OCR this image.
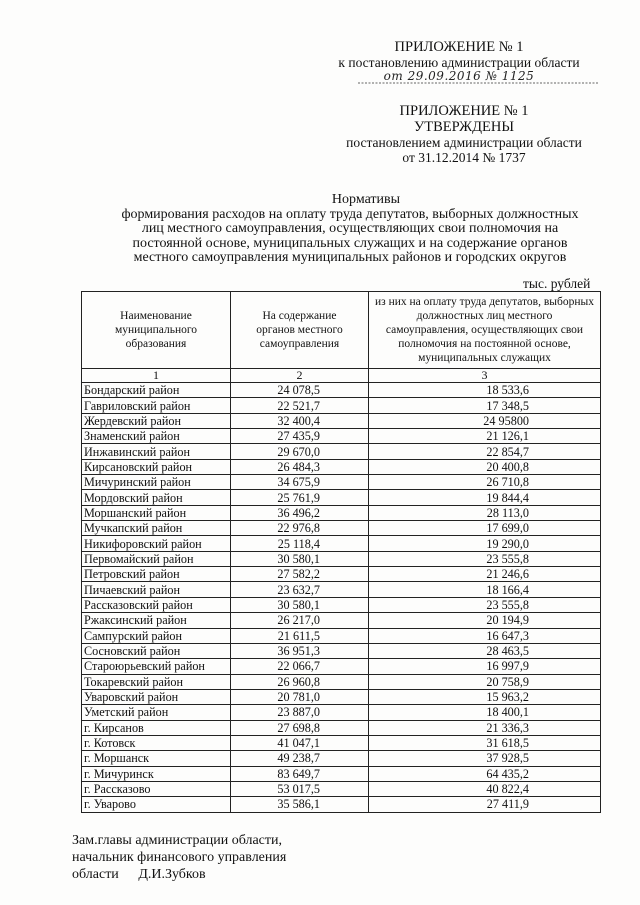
ПРИЛОЖЕНИЕ № 1
к постановлению администрации области
от 29.09.2016 № 1125
ПРИЛОЖЕНИЕ № 1
УТВЕРЖДЕНЫ
постановлением администрации области
от 31.12.2014 № 1737
Нормативы
формирования расходов на оплату труда депутатов, выборных должностных
лиц местного самоуправления, осуществляющих свои полномочия на
постоянной основе, муниципальных служащих и на содержание органов
местного самоуправления муниципальных районов и городских округов
тыс. рублей
Наименование муниципального образования	На содержание органов местного самоуправления	из них на оплату труда депутатов, выборных должностных лиц местного самоуправления, осуществляющих свои полномочия на постоянной основе, муниципальных служащих
1	2	3
Бондарский район	24 078,5	18 533,6
Гавриловский район	22 521,7	17 348,5
Жердевский район	32 400,4	24 95800
Знаменский район	27 435,9	21 126,1
Инжавинский район	29 670,0	22 854,7
Кирсановский район	26 484,3	20 400,8
Мичуринский район	34 675,9	26 710,8
Мордовский район	25 761,9	19 844,4
Моршанский район	36 496,2	28 113,0
Мучкапский район	22 976,8	17 699,0
Никифоровский район	25 118,4	19 290,0
Первомайский район	30 580,1	23 555,8
Петровский район	27 582,2	21 246,6
Пичаевский район	23 632,7	18 166,4
Рассказовский район	30 580,1	23 555,8
Ржаксинский район	26 217,0	20 194,9
Сампурский район	21 611,5	16 647,3
Сосновский район	36 951,3	28 463,5
Староюрьевский район	22 066,7	16 997,9
Токаревский район	26 960,8	20 758,9
Уваровский район	20 781,0	15 963,2
Уметский район	23 887,0	18 400,1
г. Кирсанов	27 698,8	21 336,3
г. Котовск	41 047,1	31 618,5
г. Моршанск	49 238,7	37 928,5
г. Мичуринск	83 649,7	64 435,2
г. Рассказово	53 017,5	40 822,4
г. Уварово	35 586,1	27 411,9
Зам.главы администрации области,
начальник финансового управления
области Д.И.Зубков
